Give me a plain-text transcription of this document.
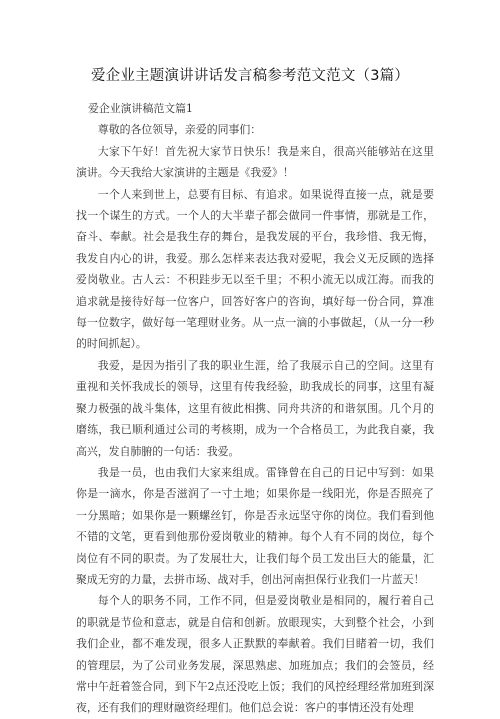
爱企业主题演讲讲话发言稿参考范文范文（3篇）

爱企业演讲稿范文篇1

尊敬的各位领导，亲爱的同事们：

大家下午好！首先祝大家节日快乐！我是来自，很高兴能够站在这里演讲。今天我给大家演讲的主题是《我爱》！

一个人来到世上，总要有目标、有追求。如果说得直接一点，就是要找一个谋生的方式。一个人的大半辈子都会做同一件事情，那就是工作，奋斗、奉献。社会是我生存的舞台，是我发展的平台，我珍惜、我无悔，我发自内心的讲，我爱。那么怎样来表达我对爱呢，我会义无反顾的选择爱岗敬业。古人云：不积跬步无以至千里；不积小流无以成江海。而我的追求就是接待好每一位客户，回答好客户的咨询，填好每一份合同，算准每一位数字，做好每一笔理财业务。从一点一滴的小事做起，（从一分一秒的时间抓起）。

我爱，是因为指引了我的职业生涯，给了我展示自己的空间。这里有重视和关怀我成长的领导，这里有传我经验，助我成长的同事，这里有凝聚力极强的战斗集体，这里有彼此相携、同舟共济的和谐氛围。几个月的磨练，我已顺利通过公司的考核期，成为一个合格员工，为此我自豪，我高兴，发自肺腑的一句话：我爱。

我是一员，也由我们大家来组成。雷锋曾在自己的日记中写到：如果你是一滴水，你是否滋润了一寸土地；如果你是一线阳光，你是否照亮了一分黑暗；如果你是一颗螺丝钉，你是否永远坚守你的岗位。我们看到他不错的文笔，更看到他那份爱岗敬业的精神。每个人有不同的岗位，每个岗位有不同的职责。为了发展壮大，让我们每个员工发出巨大的能量，汇聚成无穷的力量，去拼市场、战对手，创出河南担保行业我们一片蓝天！

每个人的职务不同，工作不同，但是爱岗敬业是相同的，履行着自己的职就是节俭和意志，就是自信和创新。放眼现实，大到整个社会，小到我们企业，都不难发现，很多人正默默的奉献着。我们目睹着一切，我们的管理层，为了公司业务发展，深思熟虑、加班加点；我们的会签员，经常中午赶着签合同，到下午2点还没吃上饭；我们的风控经理经常加班到深夜，还有我们的理财融资经理们。他们总会说：客户的事情还没有处理
